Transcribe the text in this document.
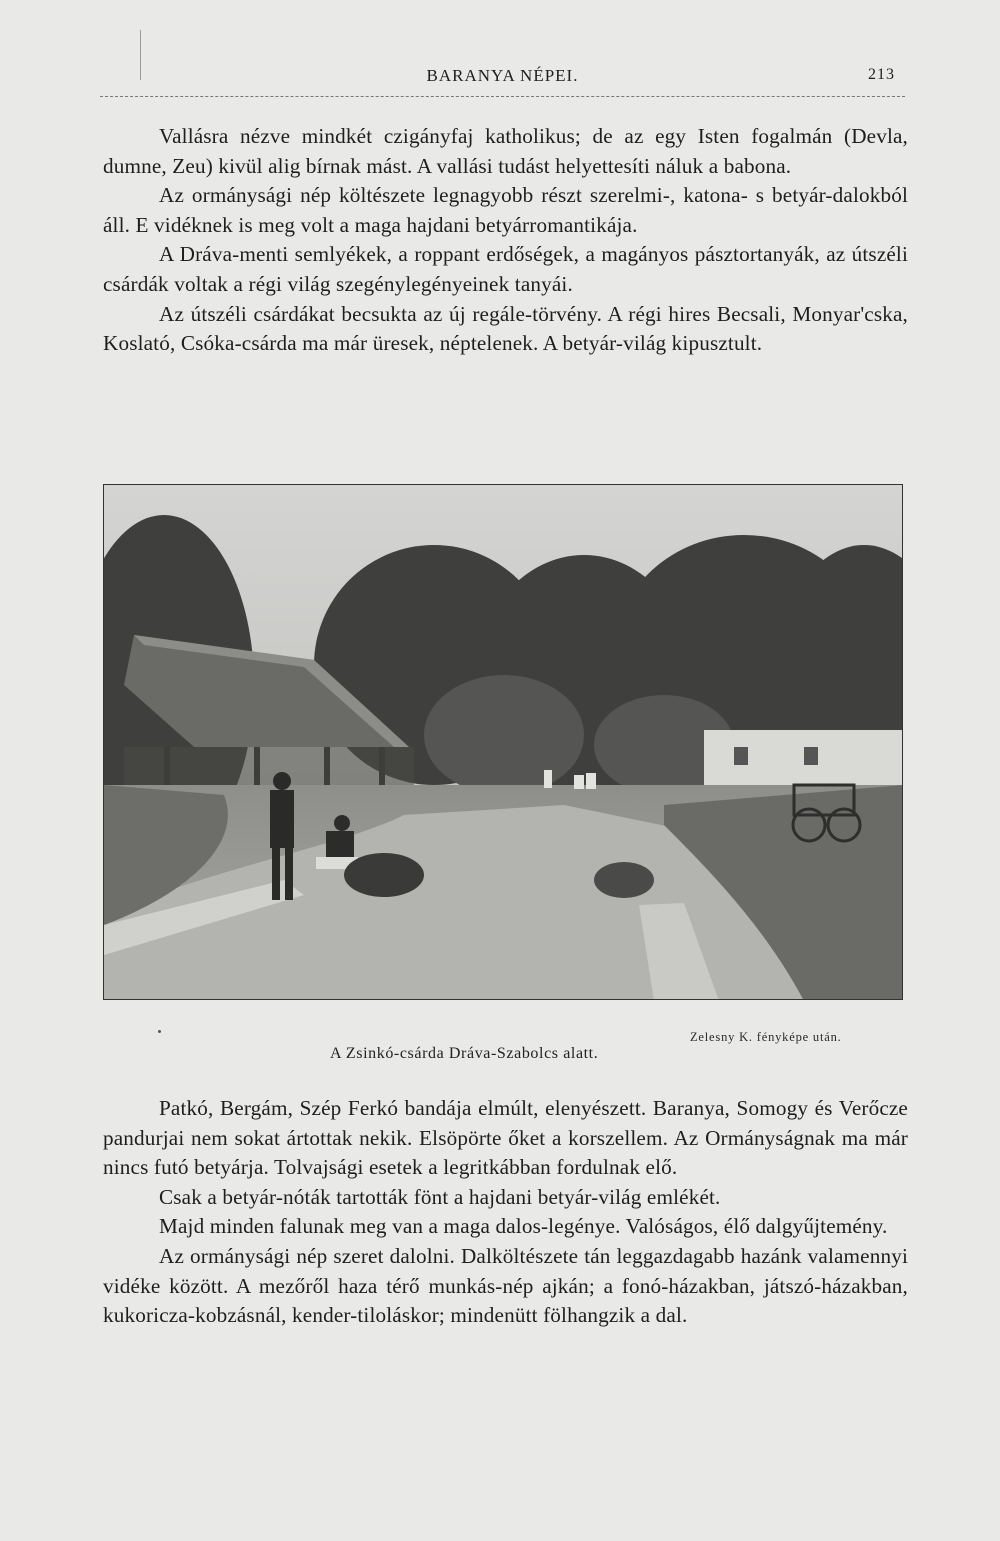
BARANYA NÉPEI.	213

Vallásra nézve mindkét czigányfaj katholikus; de az egy Isten fogalmán (Devla, dumne, Zeu) kivül alig bírnak mást. A vallási tudást helyettesíti náluk a babona.

Az ormánysági nép költészete legnagyobb részt szerelmi-, katona- s betyár-dalokból áll. E vidéknek is meg volt a maga hajdani betyárromantikája.

A Dráva-menti semlyékek, a roppant erdőségek, a magányos pásztortanyák, az útszéli csárdák voltak a régi világ szegénylegényeinek tanyái.

Az útszéli csárdákat becsukta az új regále-törvény. A régi hires Becsali, Monyar'cska, Koslató, Csóka-csárda ma már üresek, néptelenek. A betyár-világ kipusztult.

Zelesny K. fényképe után.
A Zsinkó-csárda Dráva-Szabolcs alatt.

Patkó, Bergám, Szép Ferkó bandája elmúlt, elenyészett. Baranya, Somogy és Verőcze pandurjai nem sokat ártottak nekik. Elsöpörte őket a korszellem. Az Ormányságnak ma már nincs futó betyárja. Tolvajsági esetek a legritkábban fordulnak elő.

Csak a betyár-nóták tartották fönt a hajdani betyár-világ emlékét.

Majd minden falunak meg van a maga dalos-legénye. Valóságos, élő dalgyűjtemény.

Az ormánysági nép szeret dalolni. Dalköltészete tán leggazdagabb hazánk valamennyi vidéke között. A mezőről haza térő munkás-nép ajkán; a fonó-házakban, játszó-házakban, kukoricza-kobzásnál, kender-tiloláskor; mindenütt fölhangzik a dal.
